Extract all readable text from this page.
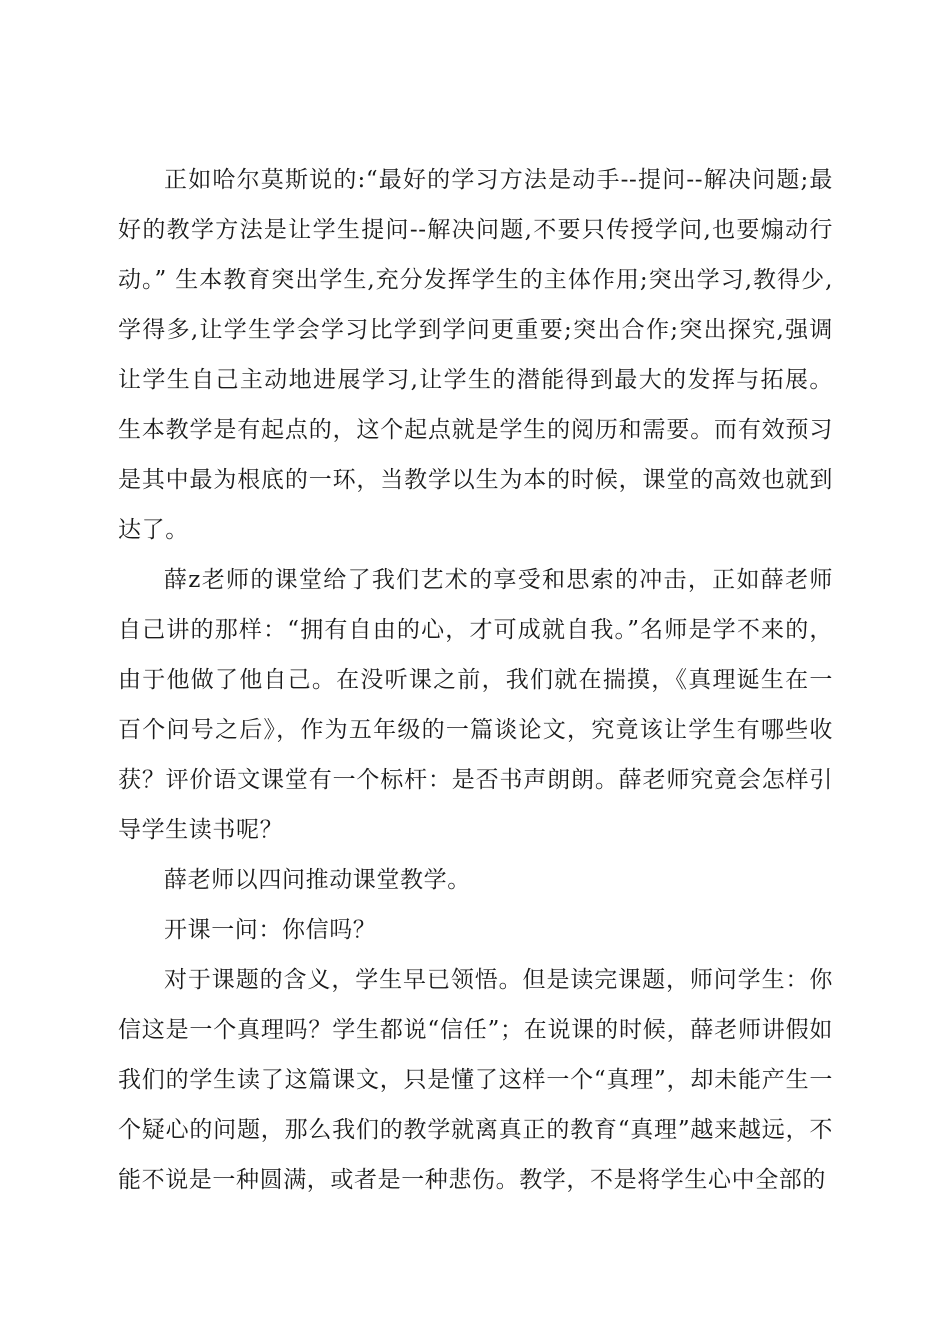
正如哈尔莫斯说的:“最好的学习方法是动手--提问--解决问题;最好的教学方法是让学生提问--解决问题,不要只传授学问,也要煽动行动。” 生本教育突出学生,充分发挥学生的主体作用;突出学习,教得少,学得多,让学生学会学习比学到学问更重要;突出合作;突出探究,强调让学生自己主动地进展学习,让学生的潜能得到最大的发挥与拓展。生本教学是有起点的，这个起点就是学生的阅历和需要。而有效预习是其中最为根底的一环，当教学以生为本的时候，课堂的高效也就到达了。

薛z老师的课堂给了我们艺术的享受和思索的冲击，正如薛老师自己讲的那样：“拥有自由的心，才可成就自我。”名师是学不来的，由于他做了他自己。在没听课之前，我们就在揣摸，《真理诞生在一百个问号之后》，作为五年级的一篇谈论文，究竟该让学生有哪些收获？评价语文课堂有一个标杆：是否书声朗朗。薛老师究竟会怎样引导学生读书呢？

薛老师以四问推动课堂教学。

开课一问：你信吗？

对于课题的含义，学生早已领悟。但是读完课题，师问学生：你信这是一个真理吗？学生都说“信任”；在说课的时候，薛老师讲假如我们的学生读了这篇课文，只是懂了这样一个“真理”，却未能产生一个疑心的问题，那么我们的教学就离真正的教育“真理”越来越远，不能不说是一种圆满，或者是一种悲伤。教学，不是将学生心中全部的
